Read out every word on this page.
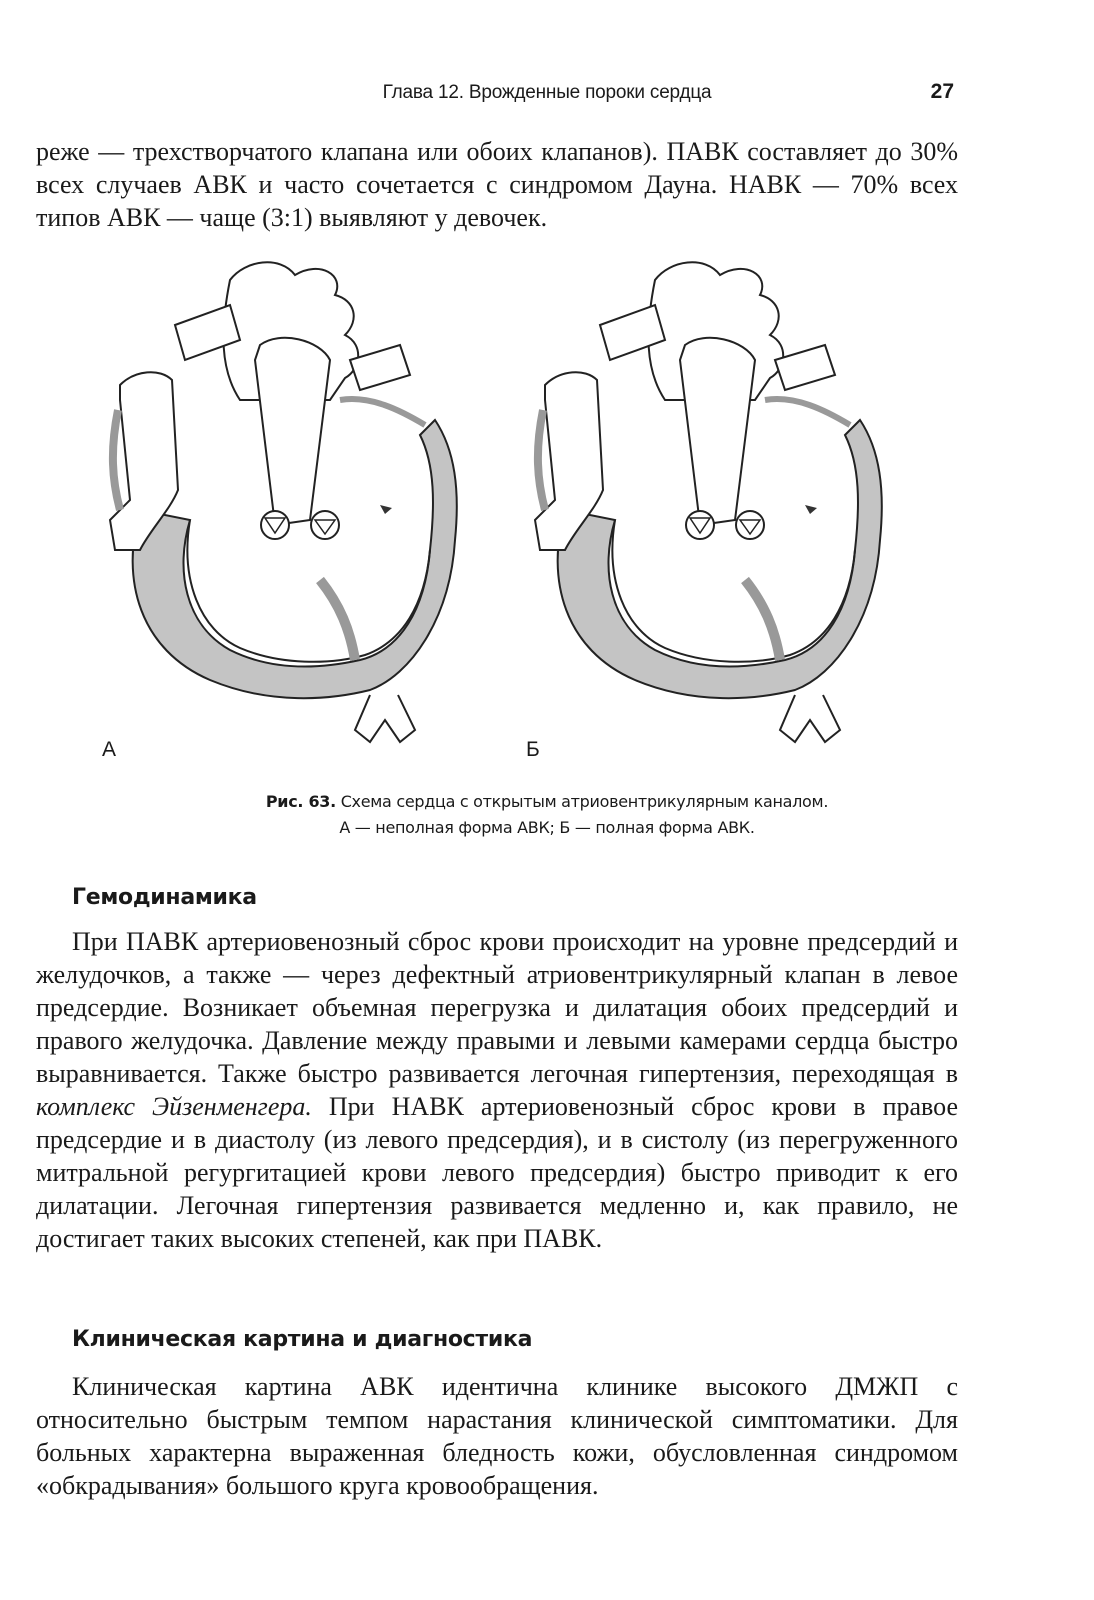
Глава 12. Врожденные пороки сердца	27

реже — трехстворчатого клапана или обоих клапанов). ПАВК составляет до 30% всех случаев АВК и часто сочетается с синдромом Дауна. НАВК — 70% всех типов АВК — чаще (3:1) выявляют у девочек.

А	Б
Рис. 63. Схема сердца с открытым атриовентрикулярным каналом.
А — неполная форма АВК; Б — полная форма АВК.
Гемодинамика

При ПАВК артериовенозный сброс крови происходит на уровне предсердий и желудочков, а также — через дефектный атриовентрикулярный клапан в левое предсердие. Возникает объемная перегрузка и дилатация обоих предсердий и правого желудочка. Давление между правыми и левыми камерами сердца быстро выравнивается. Также быстро развивается легочная гипертензия, переходящая в комплекс Эйзенменгера. При НАВК артериовенозный сброс крови в правое предсердие и в диастолу (из левого предсердия), и в систолу (из перегруженного митральной регургитацией крови левого предсердия) быстро приводит к его дилатации. Легочная гипертензия развивается медленно и, как правило, не достигает таких высоких степеней, как при ПАВК.

Клиническая картина и диагностика

Клиническая картина АВК идентична клинике высокого ДМЖП с относительно быстрым темпом нарастания клинической симптоматики. Для больных характерна выраженная бледность кожи, обусловленная синдромом «обкрадывания» большого круга кровообращения.
